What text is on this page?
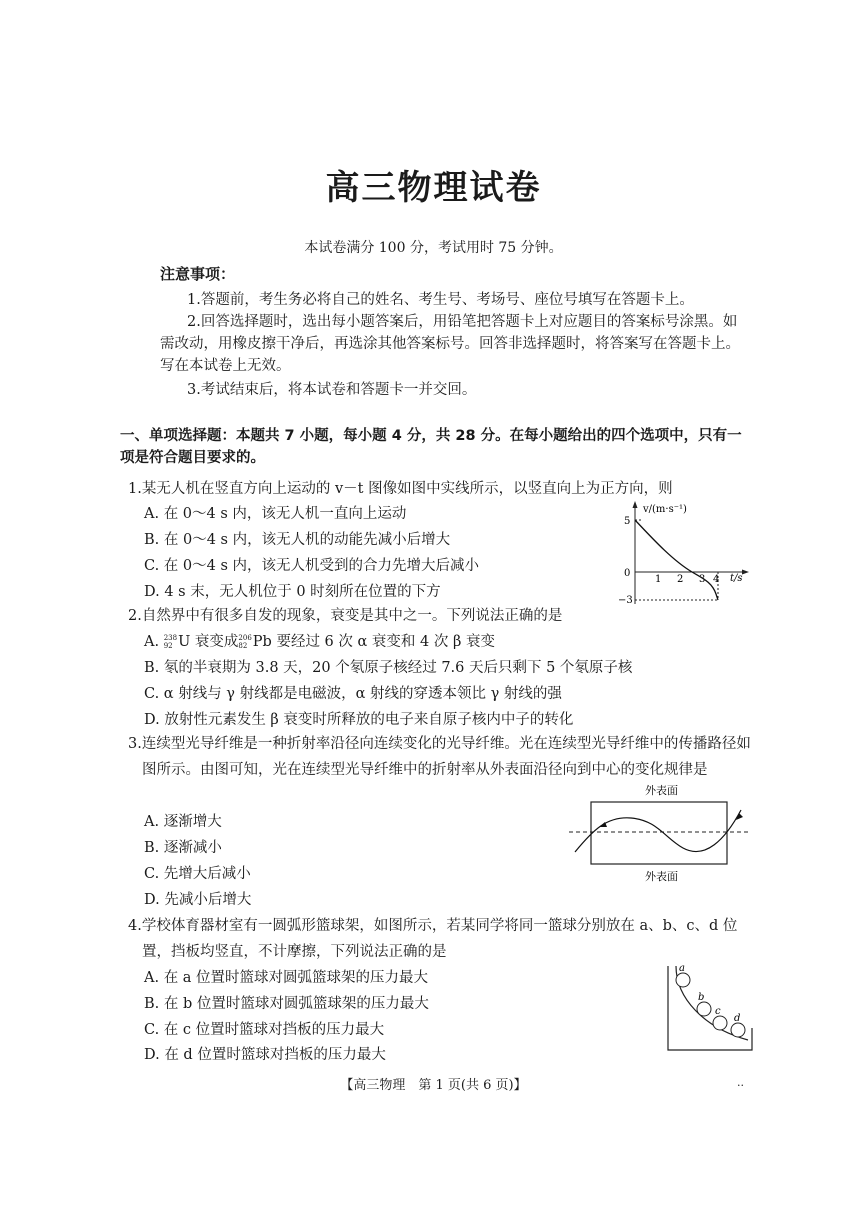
高三物理试卷
本试卷满分 100 分，考试用时 75 分钟。
注意事项：

1.答题前，考生务必将自己的姓名、考生号、考场号、座位号填写在答题卡上。

2.回答选择题时，选出每小题答案后，用铅笔把答题卡上对应题目的答案标号涂黑。如需改动，用橡皮擦干净后，再选涂其他答案标号。回答非选择题时，将答案写在答题卡上。写在本试卷上无效。

3.考试结束后，将本试卷和答题卡一并交回。

一、单项选择题：本题共 7 小题，每小题 4 分，共 28 分。在每小题给出的四个选项中，只有一项是符合题目要求的。

1.某无人机在竖直方向上运动的 v－t 图像如图中实线所示，以竖直向上为正方向，则
A. 在 0～4 s 内，该无人机一直向上运动
B. 在 0～4 s 内，该无人机的动能先减小后增大
C. 在 0～4 s 内，该无人机受到的合力先增大后减小
D. 4 s 末，无人机位于 0 时刻所在位置的下方
v/(m·s⁻¹)
t/s
5
0
−3
1 2 3 4
2.自然界中有很多自发的现象，衰变是其中之一。下列说法正确的是
A. 238
92 U 衰变成 206
82 Pb 要经过 6 次 α 衰变和 4 次 β 衰变
B. 氡的半衰期为 3.8 天，20 个氡原子核经过 7.6 天后只剩下 5 个氡原子核
C. α 射线与 γ 射线都是电磁波，α 射线的穿透本领比 γ 射线的强
D. 放射性元素发生 β 衰变时所释放的电子来自原子核内中子的转化

3.连续型光导纤维是一种折射率沿径向连续变化的光导纤维。光在连续型光导纤维中的传播路径如图所示。由图可知，光在连续型光导纤维中的折射率从外表面沿径向到中心的变化规律是

A. 逐渐增大
B. 逐渐减小
C. 先增大后减小
D. 先减小后增大
外表面
外表面

4.学校体育器材室有一圆弧形篮球架，如图所示，若某同学将同一篮球分别放在 a、b、c、d 位置，挡板均竖直，不计摩擦，下列说法正确的是

A. 在 a 位置时篮球对圆弧篮球架的压力最大
B. 在 b 位置时篮球对圆弧篮球架的压力最大
C. 在 c 位置时篮球对挡板的压力最大
D. 在 d 位置时篮球对挡板的压力最大
a
b
c
d
【高三物理　第 1 页(共 6 页)】	..
